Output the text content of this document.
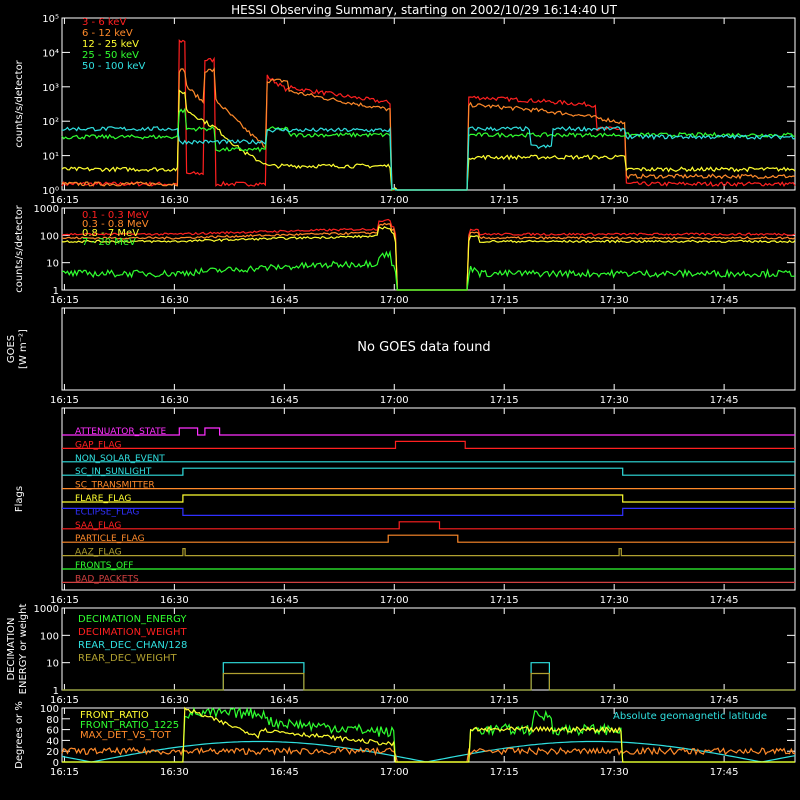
HESSI Observing Summary, starting on 2002/10/29 16:14:40 UT
No GOES data found
16:15	16:30	16:45	17:00	17:15	17:30	17:45
10⁰
10¹
10²
10³
10⁴
10⁵
counts/s/detector
16:15	16:30	16:45	17:00	17:15	17:30	17:45
1
10
100
1000
counts/s/detector
16:15	16:30	16:45	17:00	17:15	17:30	17:45
GOES [W m⁻²]
16:15	16:30	16:45	17:00	17:15	17:30	17:45
Flags
16:15	16:30	16:45	17:00	17:15	17:30	17:45
1
10
100
1000
DECIMATION ENERGY or weight
16:15	16:30	16:45	17:00	17:15	17:30	17:45
0
20
40
60
80
100
Degrees or %
3 - 6 keV
6 - 12 keV
12 - 25 keV
25 - 50 keV
50 - 100 keV
0.1 - 0.3 MeV
0.3 - 0.8 MeV
0.8 - 7 MeV
7 - 20 MeV
ATTENUATOR_STATE
GAP_FLAG
NON_SOLAR_EVENT
SC_IN_SUNLIGHT
SC_TRANSMITTER
FLARE_FLAG
ECLIPSE_FLAG
SAA_FLAG
PARTICLE_FLAG
AAZ_FLAG
FRONTS_OFF
BAD_PACKETS
DECIMATION_ENERGY
DECIMATION_WEIGHT
REAR_DEC_CHAN/128
REAR_DEC_WEIGHT
FRONT_RATIO
FRONT_RATIO_1225
MAX_DET_VS_TOT
Absolute geomagnetic latitude
